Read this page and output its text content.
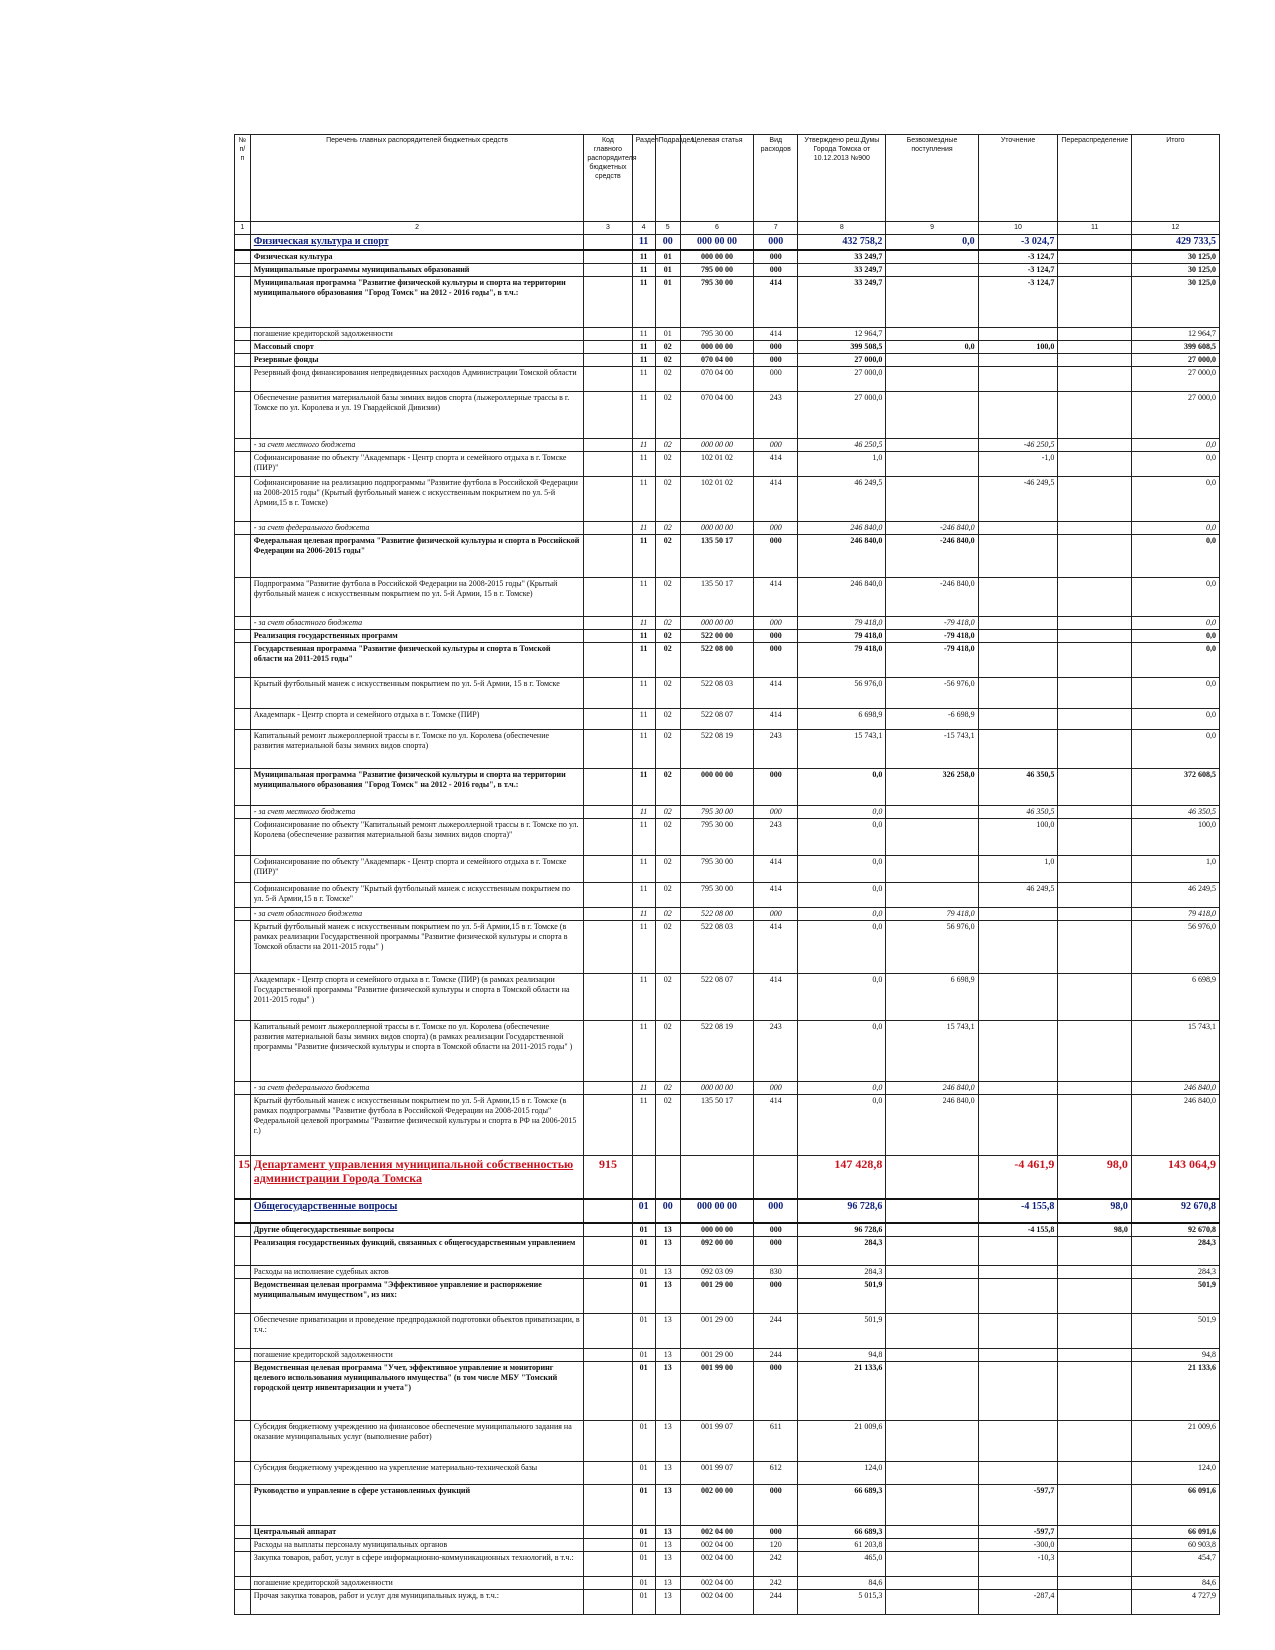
№ п/п	Перечень главных распорядителей бюджетных средств	Код главного распорядителя бюджетных средств	Раздел	Подраздел	Целевая статья	Вид расходов	Утверждено реш.Думы Города Томска от 10.12.2013 №900	Безвозмездные поступления	Уточнение	Перераспределение	Итого
1	2	3	4	5	6	7	8	9	10	11	12
	Физическая культура и спорт		11	00	000 00 00	000	432 758,2	0,0	-3 024,7		429 733,5
	Физическая культура		11	01	000 00 00	000	33 249,7		-3 124,7		30 125,0
	Муниципальные программы муниципальных образований		11	01	795 00 00	000	33 249,7		-3 124,7		30 125,0
	Муниципальная программа "Развитие физической культуры и спорта на территории муниципального образования "Город Томск" на 2012 - 2016 годы", в т.ч.:		11	01	795 30 00	414	33 249,7		-3 124,7		30 125,0
	погашение кредиторской задолженности		11	01	795 30 00	414	12 964,7				12 964,7
	Массовый спорт		11	02	000 00 00	000	399 508,5	0,0	100,0		399 608,5
	Резервные фонды		11	02	070 04 00	000	27 000,0				27 000,0
	Резервный фонд финансирования непредвиденных расходов Администрации Томской области		11	02	070 04 00	000	27 000,0				27 000,0
	Обеспечение развития материальной базы зимних видов спорта (лыжероллерные трассы в г. Томске по ул. Королева и ул. 19 Гвардейской Дивизии)		11	02	070 04 00	243	27 000,0				27 000,0
	- за счет местного бюджета		11	02	000 00 00	000	46 250,5		-46 250,5		0,0
	Софинансирование по объекту "Академпарк - Центр спорта и семейного отдыха в г. Томске (ПИР)"		11	02	102 01 02	414	1,0		-1,0		0,0
	Софинансирование на реализацию подпрограммы "Развитие футбола в Российской Федерации на 2008-2015 годы" (Крытый футбольный манеж с искусственным покрытием по ул. 5-й Армии,15 в г. Томске)		11	02	102 01 02	414	46 249,5		-46 249,5		0,0
	- за счет федерального бюджета		11	02	000 00 00	000	246 840,0	-246 840,0			0,0
	Федеральная целевая программа "Развитие физической культуры и спорта в Российской Федерации на 2006-2015 годы"		11	02	135 50 17	000	246 840,0	-246 840,0			0,0
	Подпрограмма "Развитие футбола в Российской Федерации на 2008-2015 годы" (Крытый футбольный манеж с искусственным покрытием по ул. 5-й Армии, 15 в г. Томске)		11	02	135 50 17	414	246 840,0	-246 840,0			0,0
	- за счет областного бюджета		11	02	000 00 00	000	79 418,0	-79 418,0			0,0
	Реализация государственных программ		11	02	522 00 00	000	79 418,0	-79 418,0			0,0
	Государственная программа "Развитие физической культуры и спорта в Томской области на 2011-2015 годы"		11	02	522 08 00	000	79 418,0	-79 418,0			0,0
	Крытый футбольный манеж с искусственным покрытием по ул. 5-й Армии, 15 в г. Томске		11	02	522 08 03	414	56 976,0	-56 976,0			0,0
	Академпарк - Центр спорта и семейного отдыха в г. Томске (ПИР)		11	02	522 08 07	414	6 698,9	-6 698,9			0,0
	Капитальный ремонт лыжероллерной трассы в г. Томске по ул. Королева (обеспечение развития материальной базы зимних видов спорта)		11	02	522 08 19	243	15 743,1	-15 743,1			0,0
	Муниципальная программа "Развитие физической культуры и спорта на территории муниципального образования "Город Томск" на 2012 - 2016 годы", в т.ч.:		11	02	000 00 00	000	0,0	326 258,0	46 350,5		372 608,5
	- за счет местного бюджета		11	02	795 30 00	000	0,0		46 350,5		46 350,5
	Софинансирование по объекту "Капитальный ремонт лыжероллерной трассы в г. Томске по ул. Королева (обеспечение развития материальной базы зимних видов спорта)"		11	02	795 30 00	243	0,0		100,0		100,0
	Софинансирование по объекту "Академпарк - Центр спорта и семейного отдыха в г. Томске (ПИР)"		11	02	795 30 00	414	0,0		1,0		1,0
	Софинансирование по объекту "Крытый футбольный манеж с искусственным покрытием по ул. 5-й Армии,15 в г. Томске"		11	02	795 30 00	414	0,0		46 249,5		46 249,5
	- за счет областного бюджета		11	02	522 08 00	000	0,0	79 418,0			79 418,0
	Крытый футбольный манеж с искусственным покрытием по ул. 5-й Армии,15 в г. Томске (в рамках реализации Государственной программы "Развитие физической культуры и спорта в Томской области на 2011-2015 годы" )		11	02	522 08 03	414	0,0	56 976,0			56 976,0
	Академпарк - Центр спорта и семейного отдыха в г. Томске (ПИР) (в рамках реализации Государственной программы "Развитие физической культуры и спорта в Томской области на 2011-2015 годы" )		11	02	522 08 07	414	0,0	6 698,9			6 698,9
	Капитальный ремонт лыжероллерной трассы в г. Томске по ул. Королева (обеспечение развития материальной базы зимних видов спорта) (в рамках реализации Государственной программы "Развитие физической культуры и спорта в Томской области на 2011-2015 годы" )		11	02	522 08 19	243	0,0	15 743,1			15 743,1
	- за счет федерального бюджета		11	02	000 00 00	000	0,0	246 840,0			246 840,0
	Крытый футбольный манеж с искусственным покрытием по ул. 5-й Армии,15 в г. Томске (в рамках подпрограммы "Развитие футбола в Российской Федерации на 2008-2015 годы" Федеральной целевой программы "Развитие физической культуры и спорта в РФ на 2006-2015 г.)		11	02	135 50 17	414	0,0	246 840,0			246 840,0
15	Департамент управления муниципальной собственностью администрации Города Томска	915					147 428,8		-4 461,9	98,0	143 064,9
	Общегосударственные вопросы		01	00	000 00 00	000	96 728,6		-4 155,8	98,0	92 670,8
	Другие общегосударственные вопросы		01	13	000 00 00	000	96 728,6		-4 155,8	98,0	92 670,8
	Реализация государственных функций, связанных с общегосударственным управлением		01	13	092 00 00	000	284,3				284,3
	Расходы на исполнение судебных актов		01	13	092 03 09	830	284,3				284,3
	Ведомственная целевая программа "Эффективное управление и распоряжение муниципальным имуществом", из них:		01	13	001 29 00	000	501,9				501,9
	Обеспечение приватизации и проведение предпродажной подготовки объектов приватизации, в т.ч.:		01	13	001 29 00	244	501,9				501,9
	погашение кредиторской задолженности		01	13	001 29 00	244	94,8				94,8
	Ведомственная целевая программа "Учет, эффективное управление и мониторинг целевого использования муниципального имущества" (в том числе МБУ "Томский городской центр инвентаризации и учета")		01	13	001 99 00	000	21 133,6				21 133,6
	Субсидия бюджетному учреждению на финансовое обеспечение муниципального задания на оказание муниципальных услуг (выполнение работ)		01	13	001 99 07	611	21 009,6				21 009,6
	Субсидия бюджетному учреждению на укрепление материально-технической базы		01	13	001 99 07	612	124,0				124,0
	Руководство и управление в сфере установленных функций		01	13	002 00 00	000	66 689,3		-597,7		66 091,6
	Центральный аппарат		01	13	002 04 00	000	66 689,3		-597,7		66 091,6
	Расходы на выплаты персоналу муниципальных органов		01	13	002 04 00	120	61 203,8		-300,0		60 903,8
	Закупка товаров, работ, услуг в сфере информационно-коммуникационных технологий, в т.ч.:		01	13	002 04 00	242	465,0		-10,3		454,7
	погашение кредиторской задолженности		01	13	002 04 00	242	84,6				84,6
	Прочая закупка товаров, работ и услуг для муниципальных нужд, в т.ч.:		01	13	002 04 00	244	5 015,3		-287,4		4 727,9
